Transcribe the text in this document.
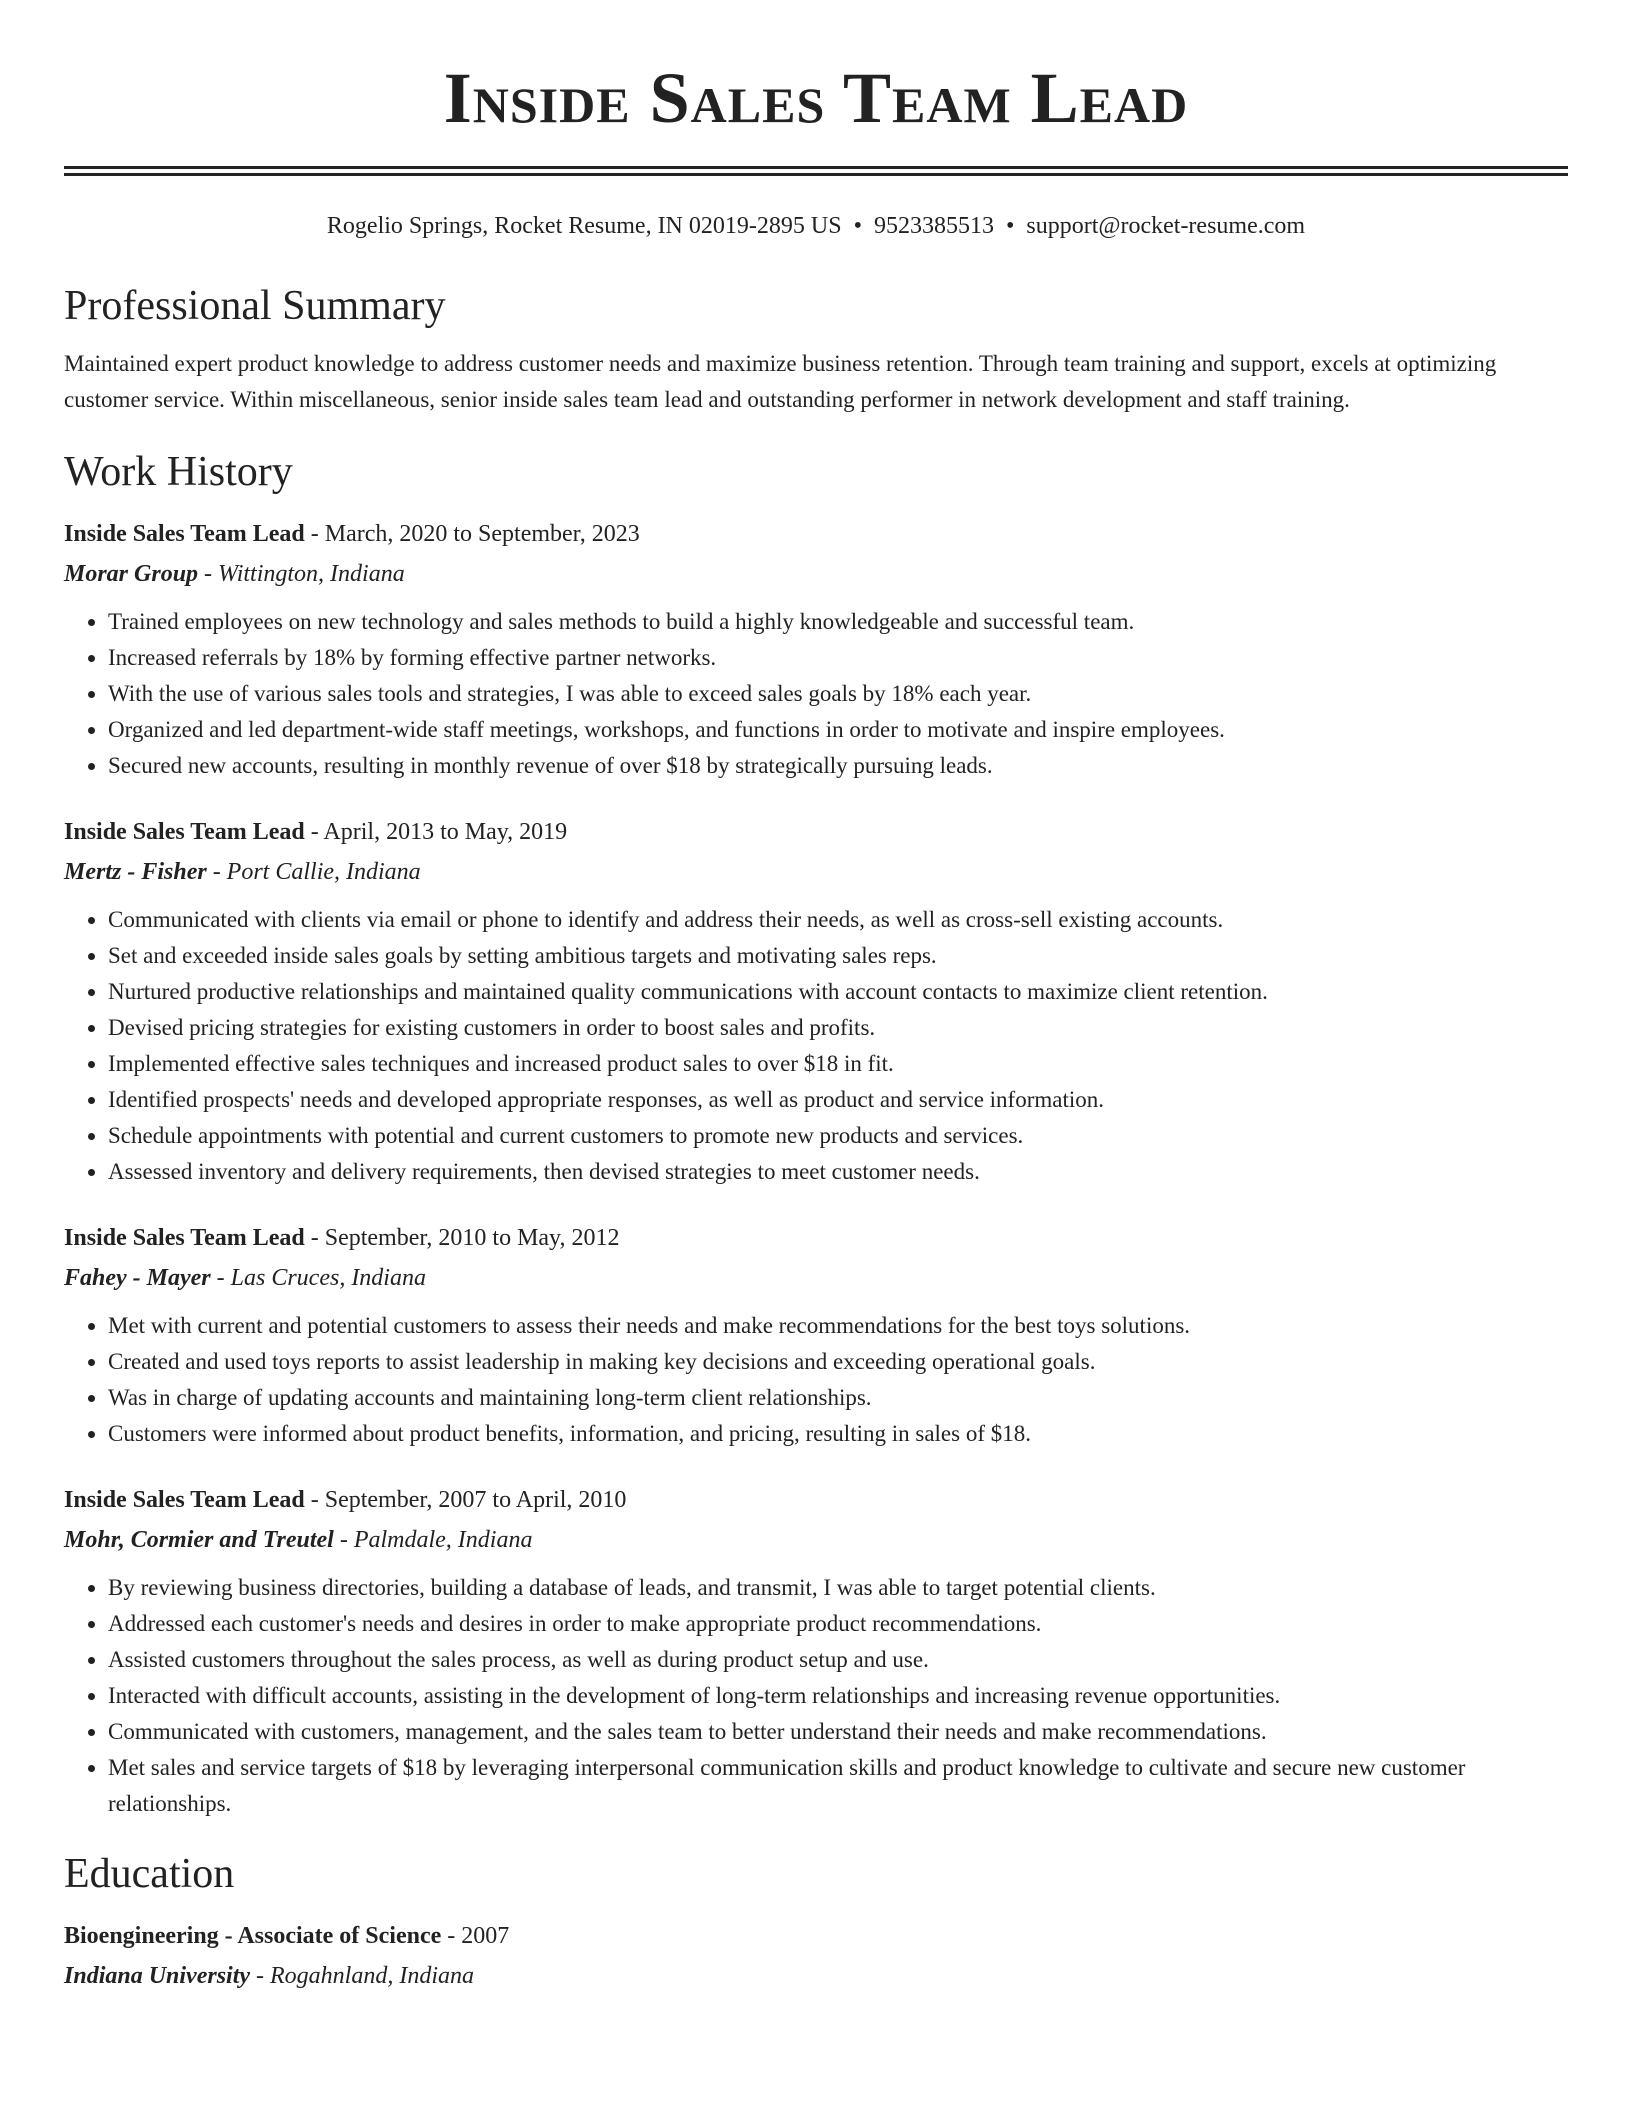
Inside Sales Team Lead
Rogelio Springs, Rocket Resume, IN 02019-2895 US • 9523385513 • support@rocket-resume.com
Professional Summary

Maintained expert product knowledge to address customer needs and maximize business retention. Through team training and support, excels at optimizing customer service. Within miscellaneous, senior inside sales team lead and outstanding performer in network development and staff training.

Work History
Inside Sales Team Lead - March, 2020 to September, 2023
Morar Group - Wittington, Indiana
• Trained employees on new technology and sales methods to build a highly knowledgeable and successful team.
• Increased referrals by 18% by forming effective partner networks.
• With the use of various sales tools and strategies, I was able to exceed sales goals by 18% each year.
• Organized and led department-wide staff meetings, workshops, and functions in order to motivate and inspire employees.
• Secured new accounts, resulting in monthly revenue of over $18 by strategically pursuing leads.
Inside Sales Team Lead - April, 2013 to May, 2019
Mertz - Fisher - Port Callie, Indiana
• Communicated with clients via email or phone to identify and address their needs, as well as cross-sell existing accounts.
• Set and exceeded inside sales goals by setting ambitious targets and motivating sales reps.
• Nurtured productive relationships and maintained quality communications with account contacts to maximize client retention.
• Devised pricing strategies for existing customers in order to boost sales and profits.
• Implemented effective sales techniques and increased product sales to over $18 in fit.
• Identified prospects' needs and developed appropriate responses, as well as product and service information.
• Schedule appointments with potential and current customers to promote new products and services.
• Assessed inventory and delivery requirements, then devised strategies to meet customer needs.
Inside Sales Team Lead - September, 2010 to May, 2012
Fahey - Mayer - Las Cruces, Indiana
• Met with current and potential customers to assess their needs and make recommendations for the best toys solutions.
• Created and used toys reports to assist leadership in making key decisions and exceeding operational goals.
• Was in charge of updating accounts and maintaining long-term client relationships.
• Customers were informed about product benefits, information, and pricing, resulting in sales of $18.
Inside Sales Team Lead - September, 2007 to April, 2010
Mohr, Cormier and Treutel - Palmdale, Indiana
• By reviewing business directories, building a database of leads, and transmit, I was able to target potential clients.
• Addressed each customer's needs and desires in order to make appropriate product recommendations.
• Assisted customers throughout the sales process, as well as during product setup and use.
• Interacted with difficult accounts, assisting in the development of long-term relationships and increasing revenue opportunities.
• Communicated with customers, management, and the sales team to better understand their needs and make recommendations.
• Met sales and service targets of $18 by leveraging interpersonal communication skills and product knowledge to cultivate and secure new customer relationships.
Education
Bioengineering - Associate of Science - 2007
Indiana University - Rogahnland, Indiana
